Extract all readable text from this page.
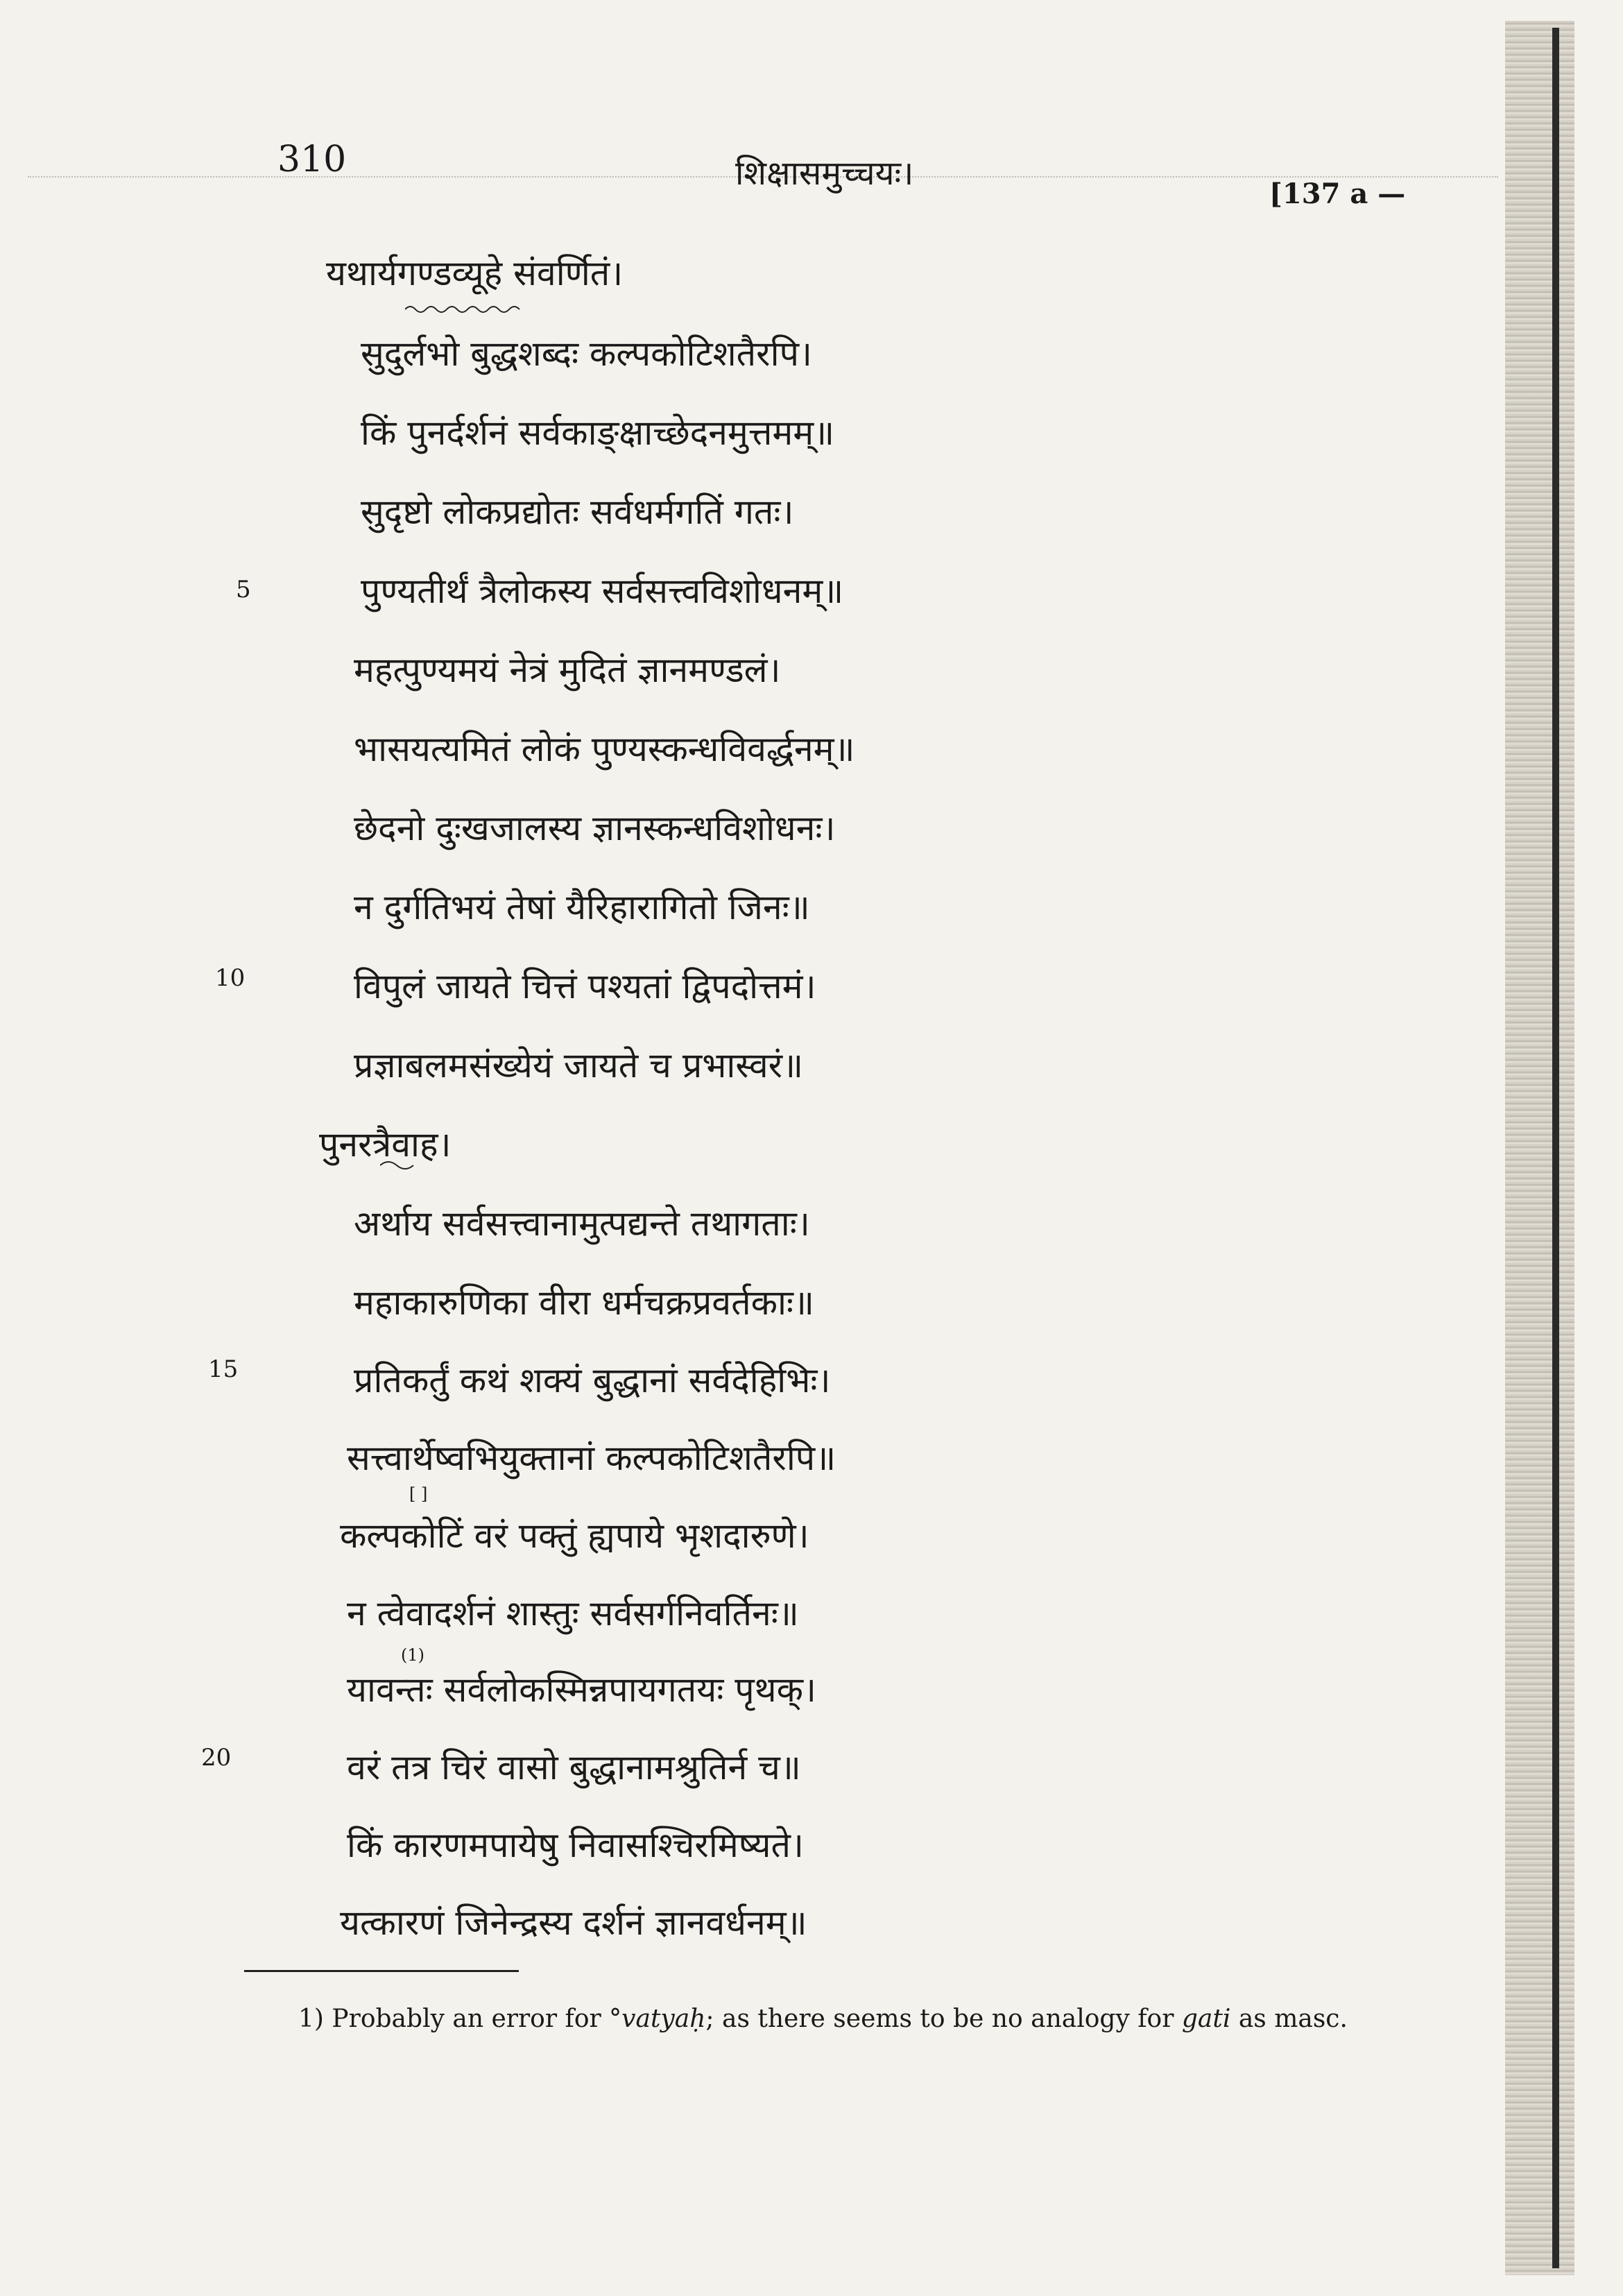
310	शिक्षासमुच्चयः।
[137 a —
यथार्यगण्डव्यूहे संवर्णितं।
सुदुर्लभो बुद्धशब्दः कल्पकोटिशतैरपि।
किं पुनर्दर्शनं सर्वकाङ्क्षाच्छेदनमुत्तमम्॥
सुदृष्टो लोकप्रद्योतः सर्वधर्मगतिं गतः।
5	पुण्यतीर्थं त्रैलोकस्य सर्वसत्त्वविशोधनम्॥
महत्पुण्यमयं नेत्रं मुदितं ज्ञानमण्डलं।
भासयत्यमितं लोकं पुण्यस्कन्धविवर्द्धनम्॥
छेदनो दुःखजालस्य ज्ञानस्कन्धविशोधनः।
न दुर्गतिभयं तेषां यैरिहारागितो जिनः॥
10	विपुलं जायते चित्तं पश्यतां द्विपदोत्तमं।
प्रज्ञाबलमसंख्येयं जायते च प्रभास्वरं॥
पुनरत्रैवाह।
अर्थाय सर्वसत्त्वानामुत्पद्यन्ते तथागताः।
महाकारुणिका वीरा धर्मचक्रप्रवर्तकाः॥
15	प्रतिकर्तुं कथं शक्यं बुद्धानां सर्वदेहिभिः।
सत्त्वार्थेष्वभियुक्तानां कल्पकोटिशतैरपि॥
[ ]
कल्पकोटिं वरं पक्तुं ह्यपाये भृशदारुणे।
न त्वेवादर्शनं शास्तुः सर्वसर्गनिवर्तिनः॥
(1)
यावन्तः सर्वलोकस्मिन्नपायगतयः पृथक्।
20	वरं तत्र चिरं वासो बुद्धानामश्रुतिर्न च॥
किं कारणमपायेषु निवासश्चिरमिष्यते।
यत्कारणं जिनेन्द्रस्य दर्शनं ज्ञानवर्धनम्॥
1) Probably an error for °vatyaḥ; as there seems to be no analogy for gati as masc.
